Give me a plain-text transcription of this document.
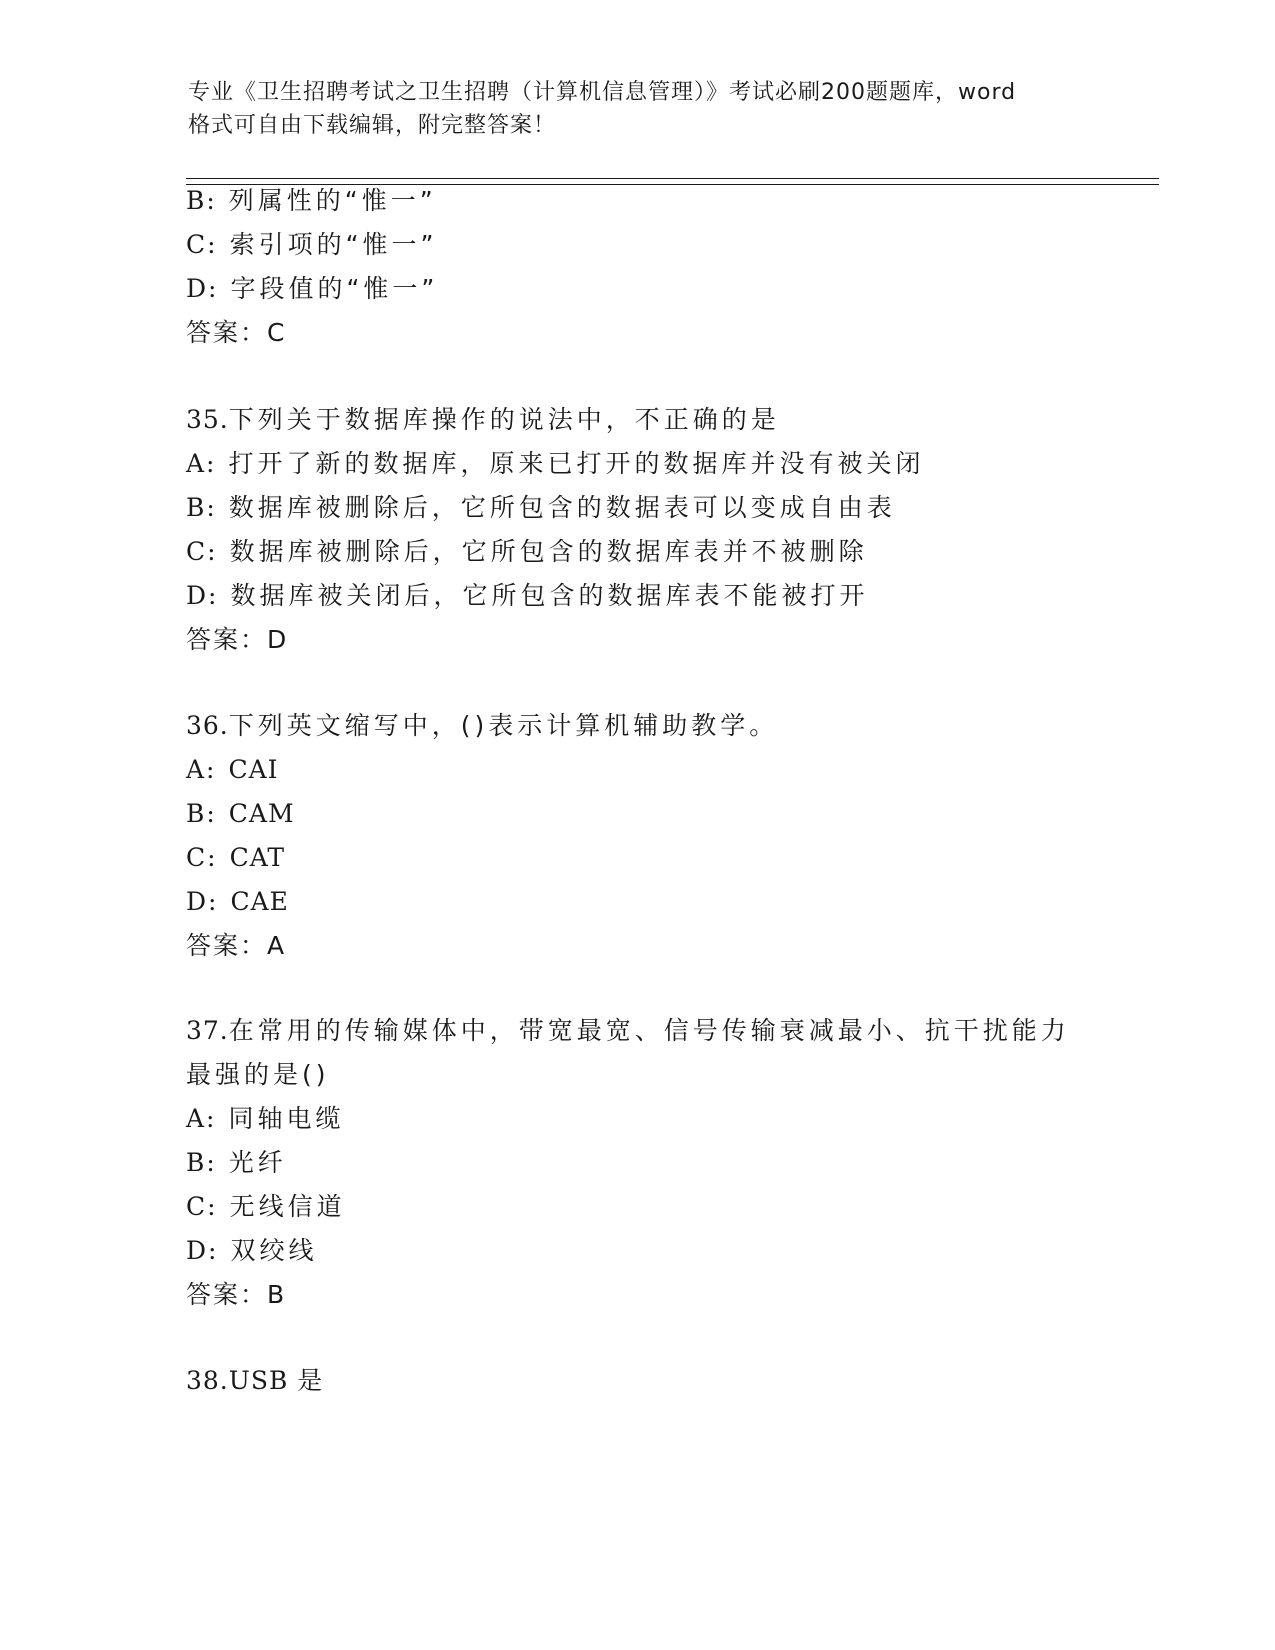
专业《卫生招聘考试之卫生招聘（计算机信息管理）》考试必刷200题题库，word
格式可自由下载编辑，附完整答案！
B: 列属性的“惟一”
C: 索引项的“惟一”
D: 字段值的“惟一”
答案：C
35.下列关于数据库操作的说法中，不正确的是
A: 打开了新的数据库，原来已打开的数据库并没有被关闭
B: 数据库被删除后，它所包含的数据表可以变成自由表
C: 数据库被删除后，它所包含的数据库表并不被删除
D: 数据库被关闭后，它所包含的数据库表不能被打开
答案：D
36.下列英文缩写中，()表示计算机辅助教学。
A: CAI
B: CAM
C: CAT
D: CAE
答案：A
37.在常用的传输媒体中，带宽最宽、信号传输衰减最小、抗干扰能力
最强的是()
A: 同轴电缆
B: 光纤
C: 无线信道
D: 双绞线
答案：B
38.USB 是
